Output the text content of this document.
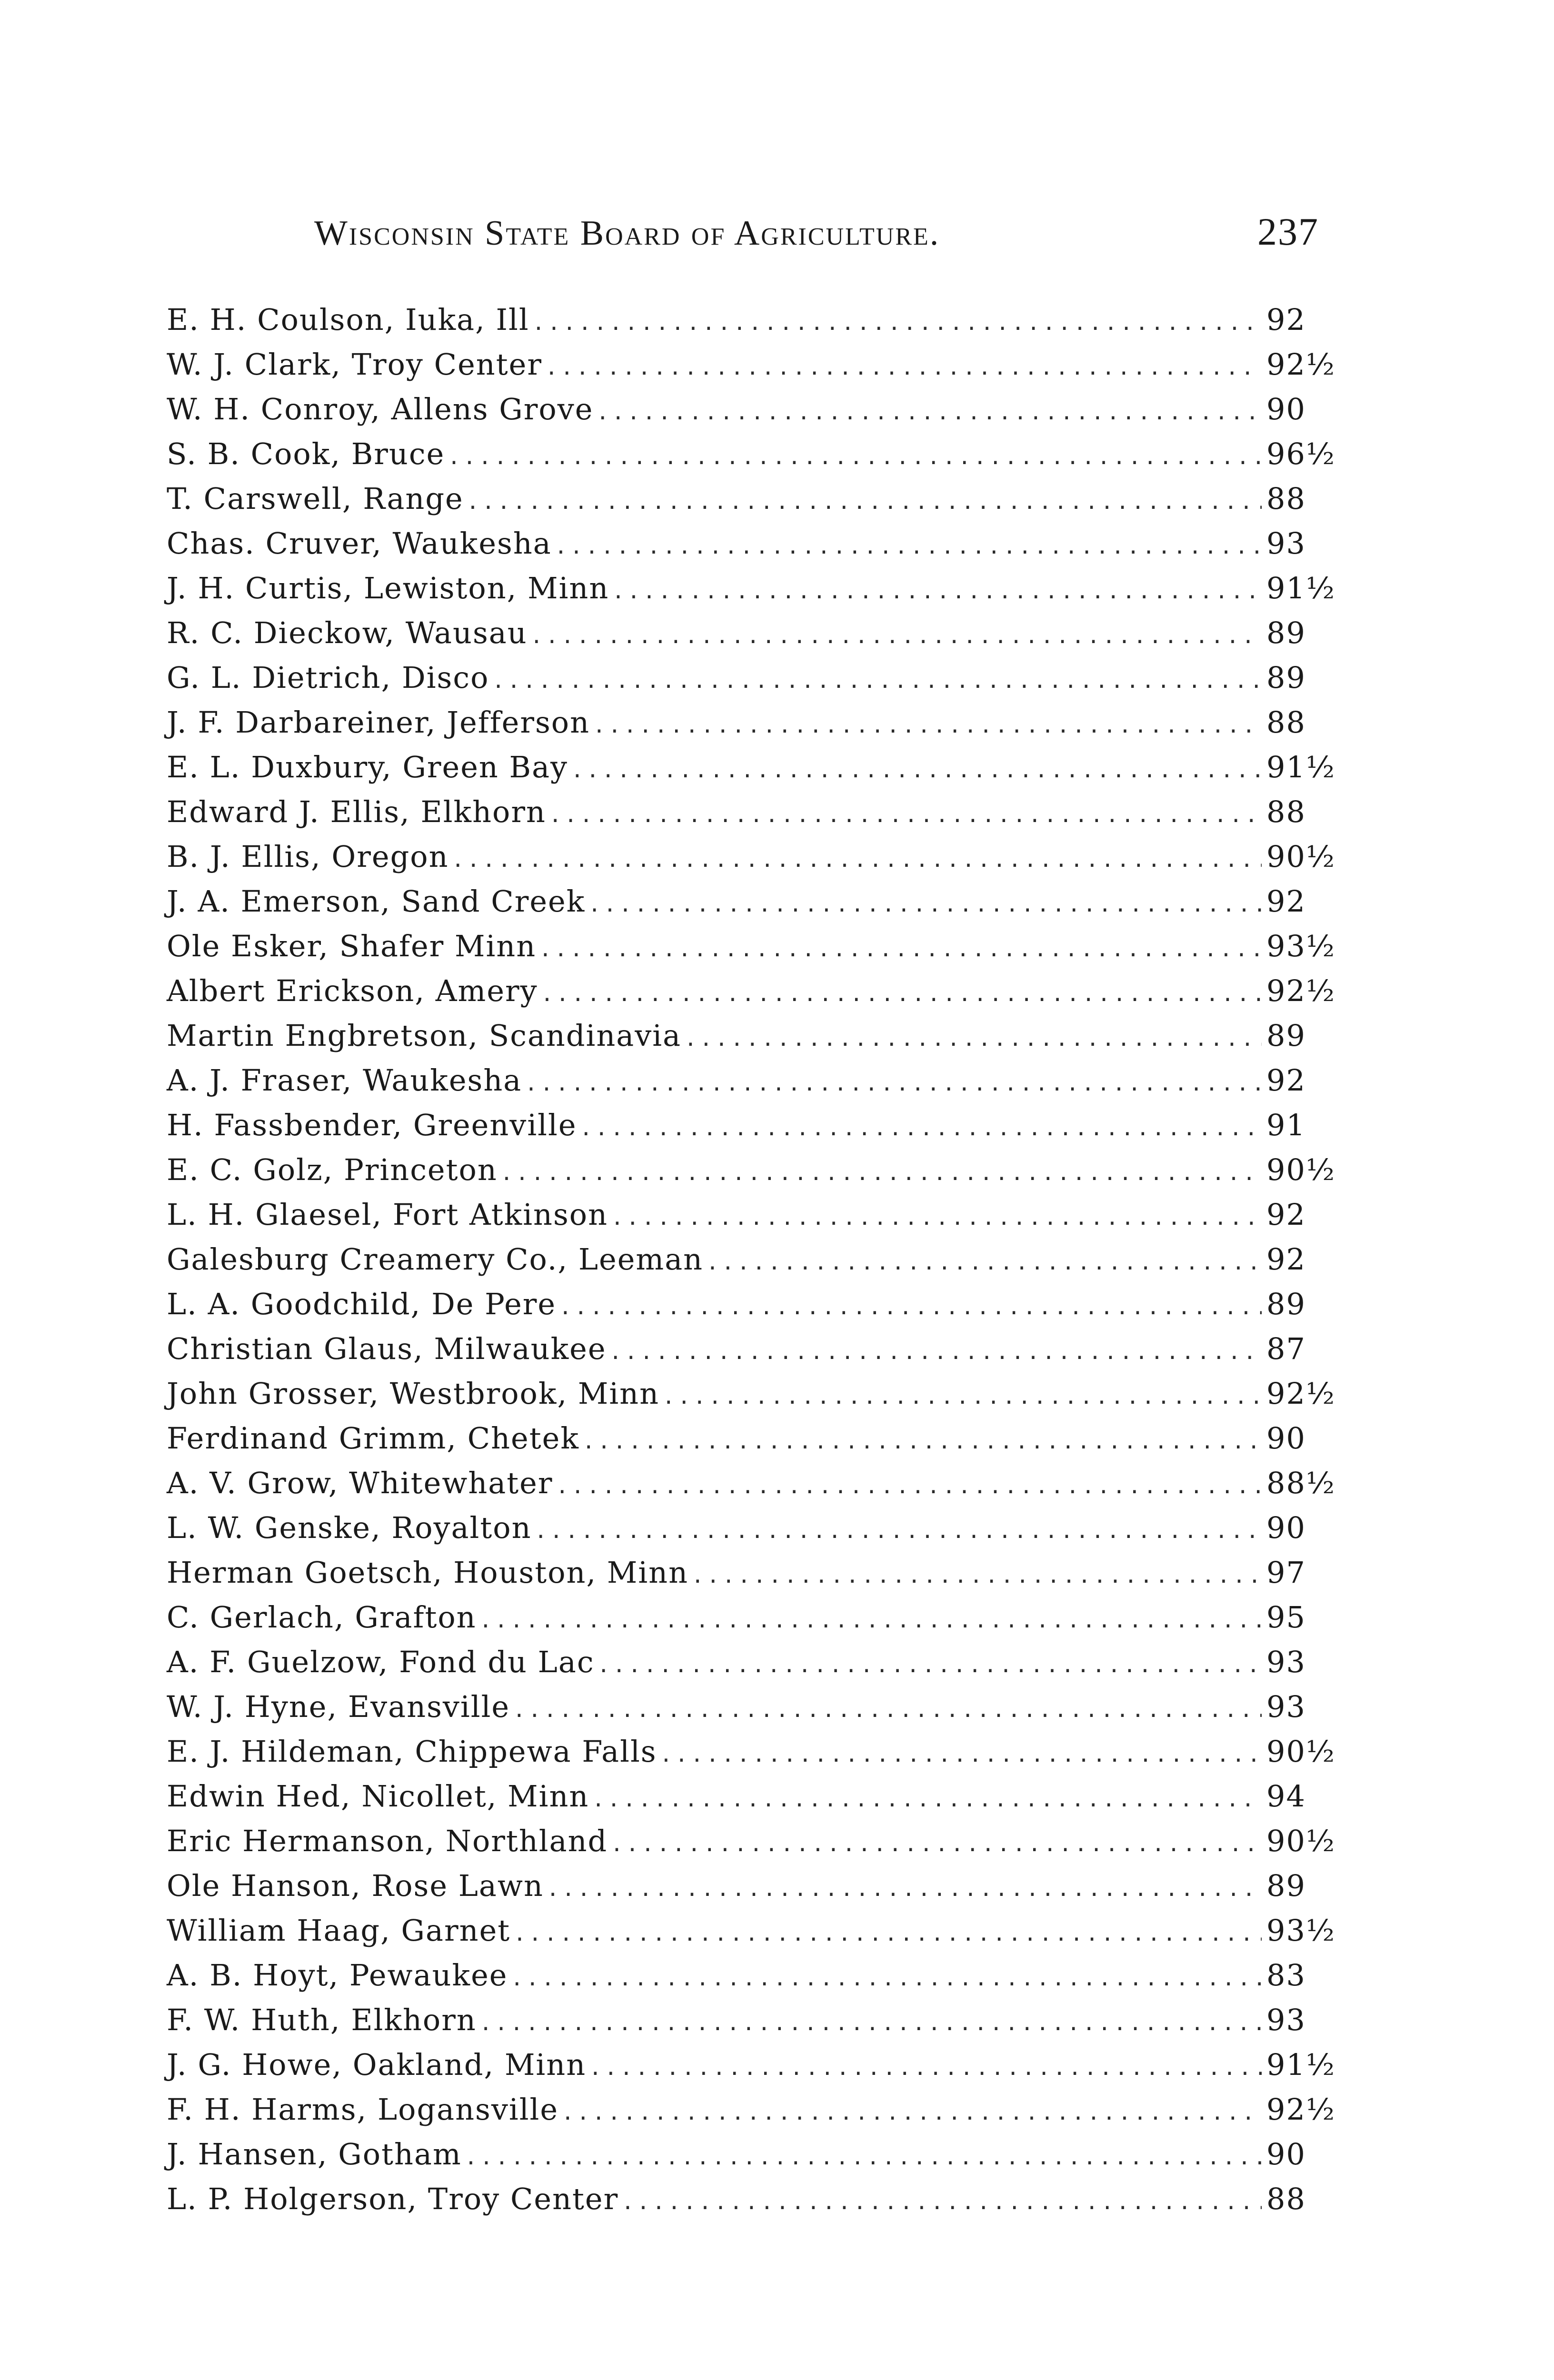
Wisconsin State Board of Agriculture.	237
E. H. Coulson, Iuka, Ill .....	92
W. J. Clark, Troy Center .....	92½
W. H. Conroy, Allens Grove .....	90
S. B. Cook, Bruce .....	96½
T. Carswell, Range .....	88
Chas. Cruver, Waukesha .....	93
J. H. Curtis, Lewiston, Minn .....	91½
R. C. Dieckow, Wausau .....	89
G. L. Dietrich, Disco .....	89
J. F. Darbareiner, Jefferson .....	88
E. L. Duxbury, Green Bay .....	91½
Edward J. Ellis, Elkhorn .....	88
B. J. Ellis, Oregon .....	90½
J. A. Emerson, Sand Creek .....	92
Ole Esker, Shafer Minn .....	93½
Albert Erickson, Amery .....	92½
Martin Engbretson, Scandinavia .....	89
A. J. Fraser, Waukesha .....	92
H. Fassbender, Greenville .....	91
E. C. Golz, Princeton .....	90½
L. H. Glaesel, Fort Atkinson .....	92
Galesburg Creamery Co., Leeman .....	92
L. A. Goodchild, De Pere .....	89
Christian Glaus, Milwaukee .....	87
John Grosser, Westbrook, Minn .....	92½
Ferdinand Grimm, Chetek .....	90
A. V. Grow, Whitewhater .....	88½
L. W. Genske, Royalton .....	90
Herman Goetsch, Houston, Minn .....	97
C. Gerlach, Grafton .....	95
A. F. Guelzow, Fond du Lac .....	93
W. J. Hyne, Evansville .....	93
E. J. Hildeman, Chippewa Falls .....	90½
Edwin Hed, Nicollet, Minn .....	94
Eric Hermanson, Northland .....	90½
Ole Hanson, Rose Lawn .....	89
William Haag, Garnet .....	93½
A. B. Hoyt, Pewaukee .....	83
F. W. Huth, Elkhorn .....	93
J. G. Howe, Oakland, Minn .....	91½
F. H. Harms, Logansville .....	92½
J. Hansen, Gotham .....	90
L. P. Holgerson, Troy Center .....	88
